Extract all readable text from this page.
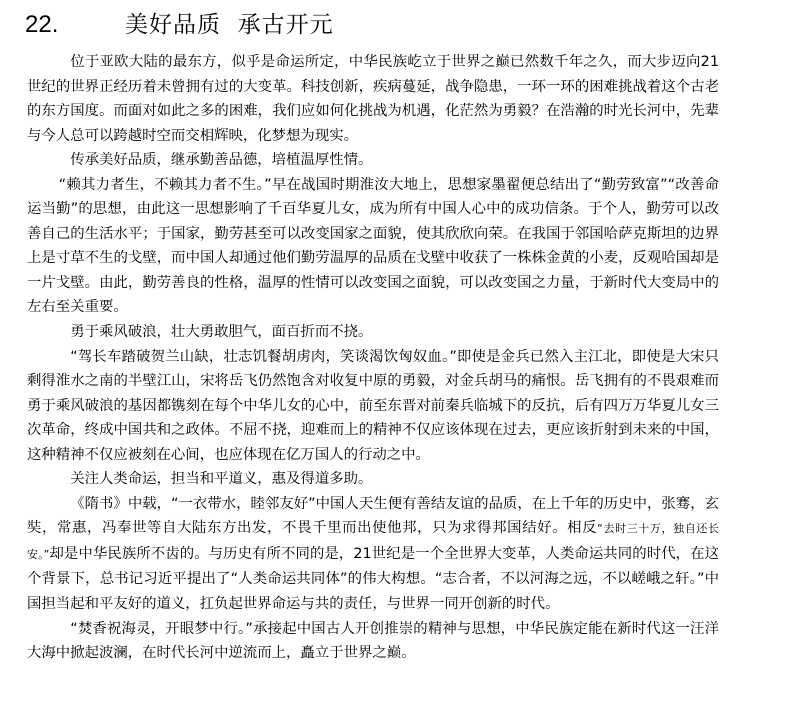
22.	美好品质  承古开元

位于亚欧大陆的最东方，似乎是命运所定，中华民族屹立于世界之巅已然数千年之久，而大步迈向21世纪的世界正经历着未曾拥有过的大变革。科技创新，疾病蔓延，战争隐患，一环一环的困难挑战着这个古老的东方国度。而面对如此之多的困难，我们应如何化挑战为机遇，化茫然为勇毅？在浩瀚的时光长河中，先辈与今人总可以跨越时空而交相辉映，化梦想为现实。

传承美好品质，继承勤善品德，培植温厚性情。

“赖其力者生，不赖其力者不生。”早在战国时期淮汝大地上，思想家墨翟便总结出了“勤劳致富”“改善命运当勤”的思想，由此这一思想影响了千百华夏儿女，成为所有中国人心中的成功信条。于个人，勤劳可以改善自己的生活水平；于国家，勤劳甚至可以改变国家之面貌，使其欣欣向荣。在我国于邻国哈萨克斯坦的边界上是寸草不生的戈壁，而中国人却通过他们勤劳温厚的品质在戈壁中收获了一株株金黄的小麦，反观哈国却是一片戈壁。由此，勤劳善良的性格，温厚的性情可以改变国之面貌，可以改变国之力量，于新时代大变局中的左右至关重要。

勇于乘风破浪，壮大勇敢胆气，面百折而不挠。

“驾长车踏破贺兰山缺，壮志饥餐胡虏肉，笑谈渴饮匈奴血。”即使是金兵已然入主江北，即使是大宋只剩得淮水之南的半壁江山，宋将岳飞仍然饱含对收复中原的勇毅，对金兵胡马的痛恨。岳飞拥有的不畏艰难而勇于乘风破浪的基因都镌刻在每个中华儿女的心中，前至东晋对前秦兵临城下的反抗，后有四万万华夏儿女三次革命，终成中国共和之政体。不屈不挠，迎难而上的精神不仅应该体现在过去，更应该折射到未来的中国，这种精神不仅应被刻在心间，也应体现在亿万国人的行动之中。

关注人类命运，担当和平道义，惠及得道多助。

《隋书》中载，“一衣带水，睦邻友好”中国人天生便有善结友谊的品质，在上千年的历史中，张骞，玄奘，常惠，冯奉世等自大陆东方出发，不畏千里而出使他邦，只为求得邦国结好。相反“去时三十万，独自还长安。”却是中华民族所不齿的。与历史有所不同的是，21世纪是一个全世界大变革，人类命运共同的时代，在这个背景下，总书记习近平提出了“人类命运共同体”的伟大构想。“志合者，不以河海之远，不以嵯峨之轩。”中国担当起和平友好的道义，扛负起世界命运与共的责任，与世界一同开创新的时代。

“焚香祝海灵，开眼梦中行。”承接起中国古人开创推崇的精神与思想，中华民族定能在新时代这一汪洋大海中掀起波澜，在时代长河中逆流而上，矗立于世界之巅。
